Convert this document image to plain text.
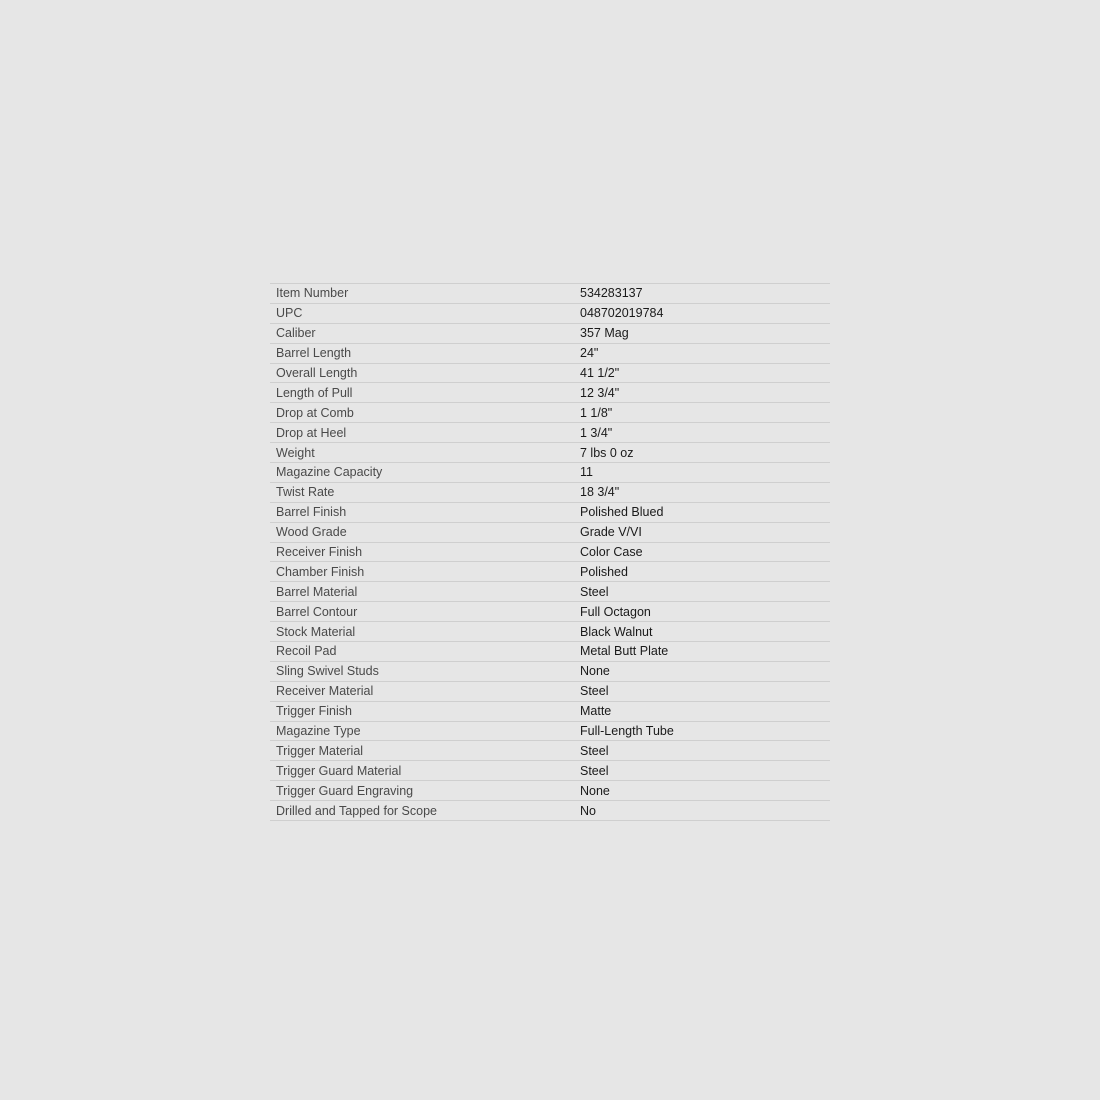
Item Number	534283137
UPC	048702019784
Caliber	357 Mag
Barrel Length	24"
Overall Length	41 1/2"
Length of Pull	12 3/4"
Drop at Comb	1 1/8"
Drop at Heel	1 3/4"
Weight	7 lbs 0 oz
Magazine Capacity	11
Twist Rate	18 3/4"
Barrel Finish	Polished Blued
Wood Grade	Grade V/VI
Receiver Finish	Color Case
Chamber Finish	Polished
Barrel Material	Steel
Barrel Contour	Full Octagon
Stock Material	Black Walnut
Recoil Pad	Metal Butt Plate
Sling Swivel Studs	None
Receiver Material	Steel
Trigger Finish	Matte
Magazine Type	Full-Length Tube
Trigger Material	Steel
Trigger Guard Material	Steel
Trigger Guard Engraving	None
Drilled and Tapped for Scope	No
